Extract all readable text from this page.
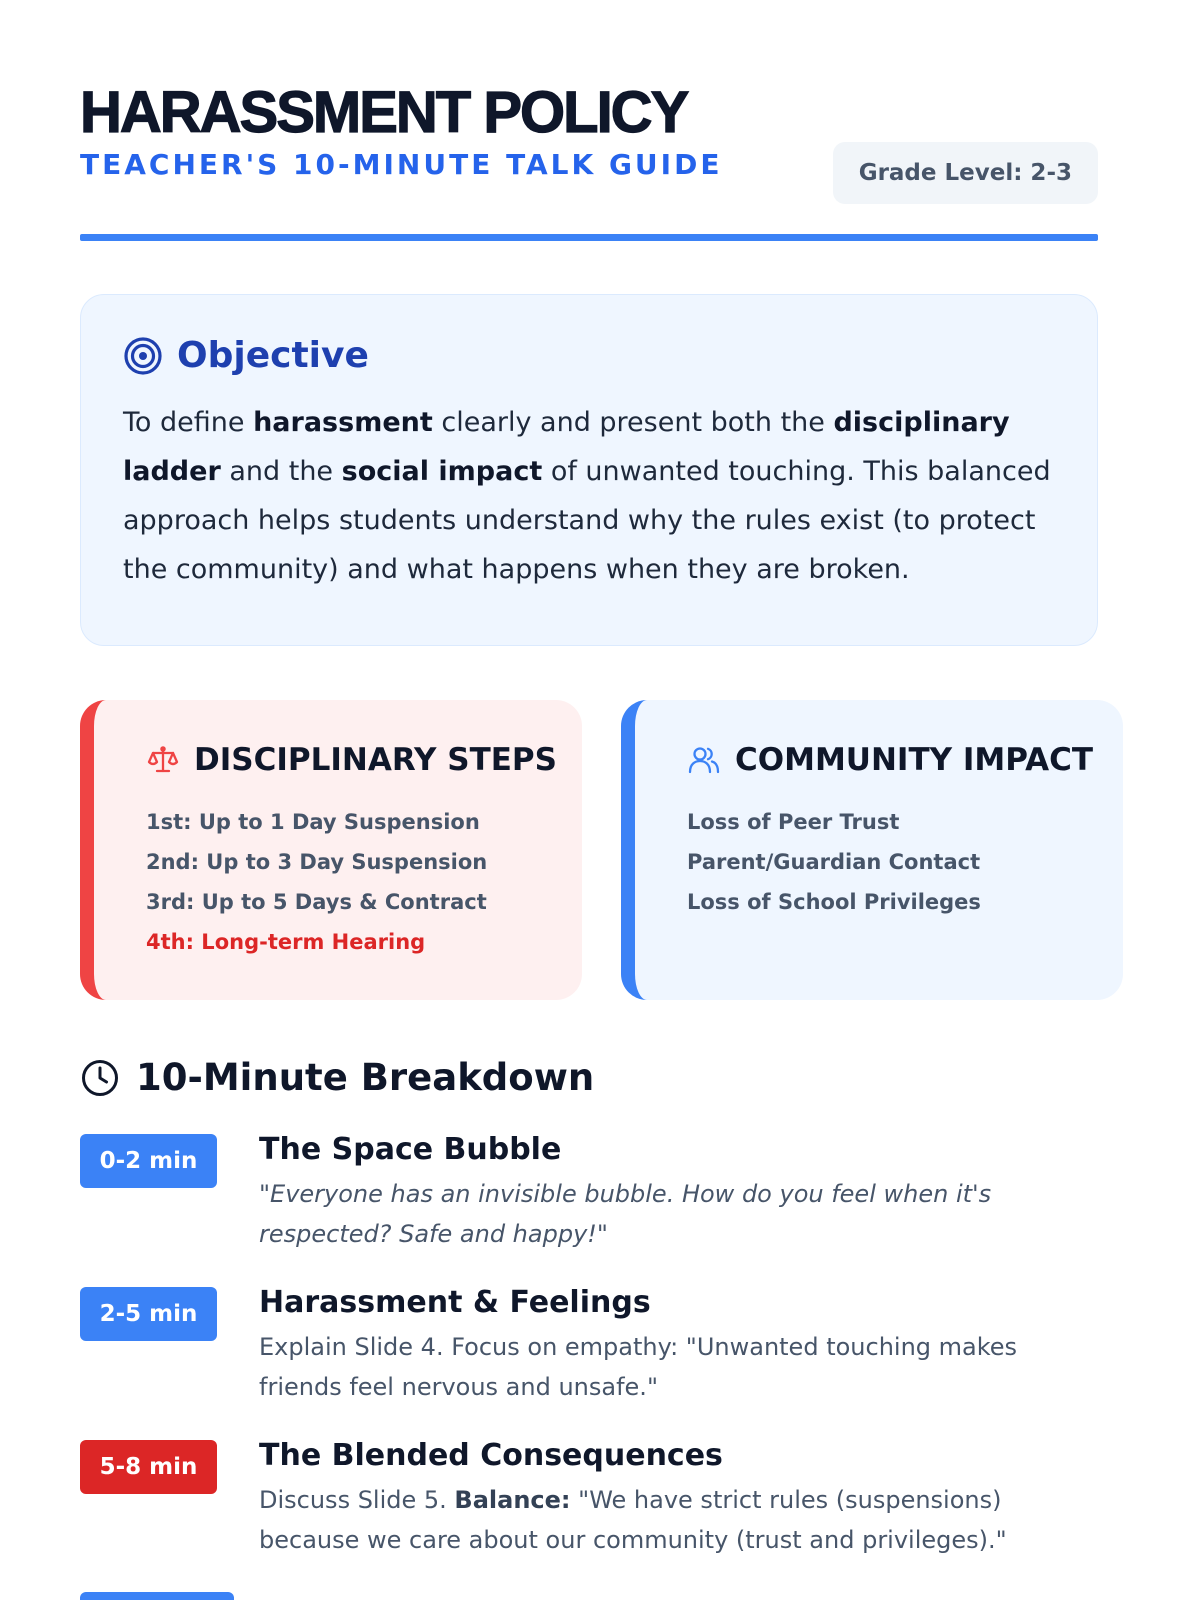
HARASSMENT POLICY
TEACHER'S 10-MINUTE TALK GUIDE	Grade Level: 2-3
Objective

To define harassment clearly and present both the disciplinary ladder and the social impact of unwanted touching. This balanced approach helps students understand why the rules exist (to protect the community) and what happens when they are broken.

DISCIPLINARY STEPS
1st: Up to 1 Day Suspension
2nd: Up to 3 Day Suspension
3rd: Up to 5 Days & Contract
4th: Long-term Hearing
COMMUNITY IMPACT
Loss of Peer Trust
Parent/Guardian Contact
Loss of School Privileges
10-Minute Breakdown
0-2 min	The Space Bubble
"Everyone has an invisible bubble. How do you feel when it's respected? Safe and happy!"
2-5 min	Harassment & Feelings
Explain Slide 4. Focus on empathy: "Unwanted touching makes friends feel nervous and unsafe."
5-8 min	The Blended Consequences
Discuss Slide 5. Balance: "We have strict rules (suspensions) because we care about our community (trust and privileges)."
